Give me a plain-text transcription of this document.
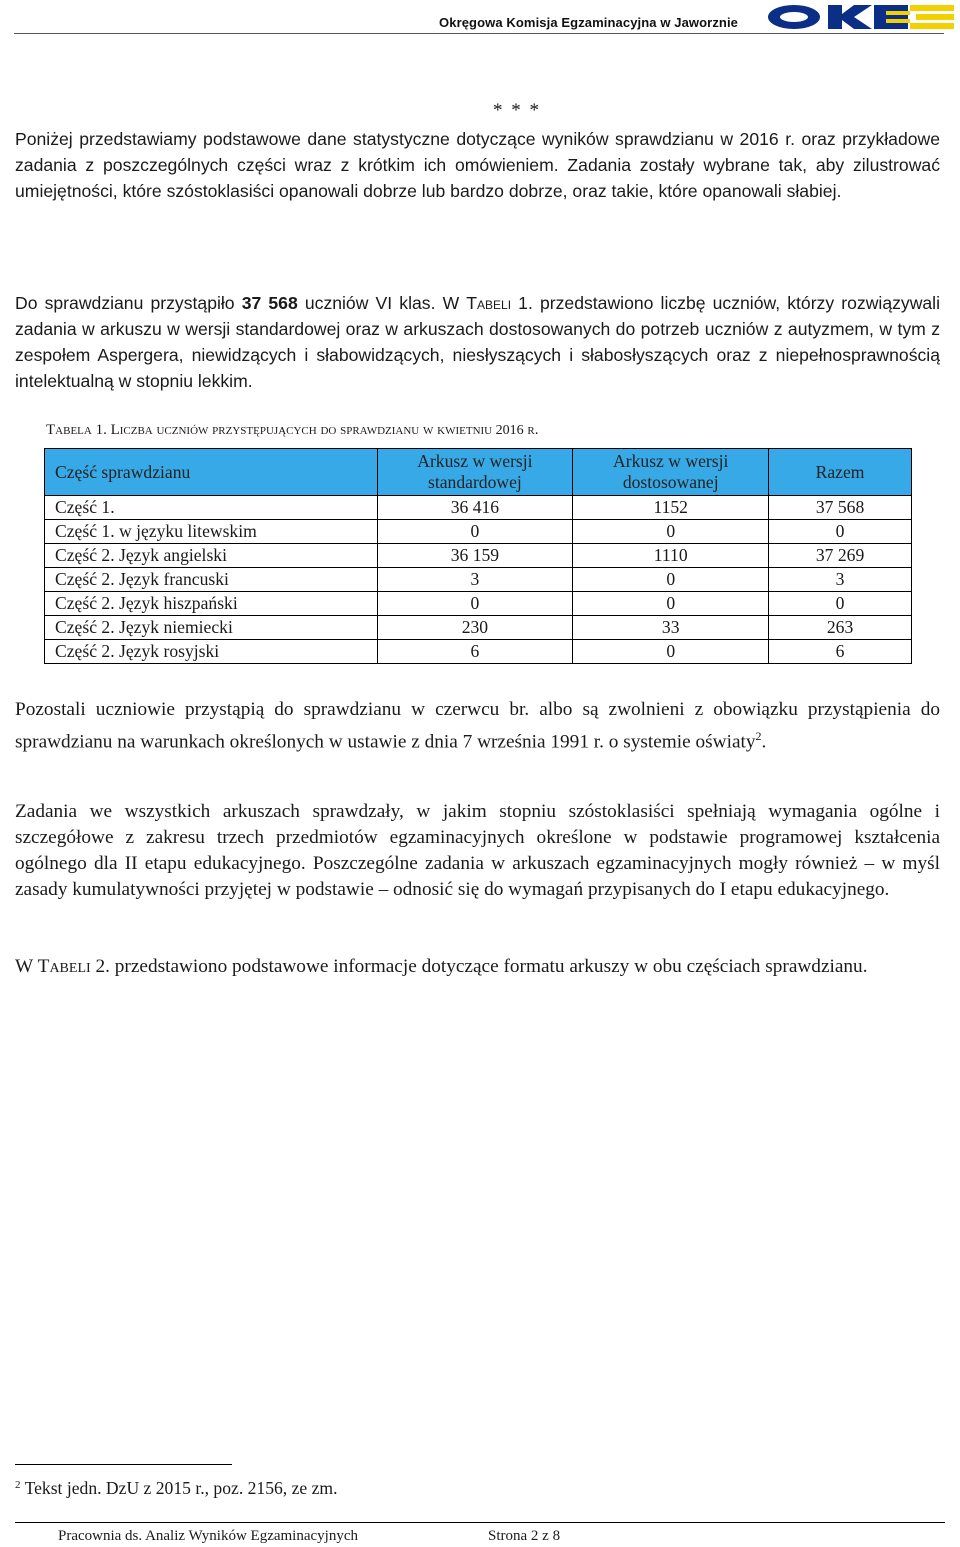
Okręgowa Komisja Egzaminacyjna w Jaworznie
* * *

Poniżej przedstawiamy podstawowe dane statystyczne dotyczące wyników sprawdzianu w 2016 r. oraz przykładowe zadania z poszczególnych części wraz z krótkim ich omówieniem. Zadania zostały wybrane tak, aby zilustrować umiejętności, które szóstoklasiści opanowali dobrze lub bardzo dobrze, oraz takie, które opanowali słabiej.

Do sprawdzianu przystąpiło 37 568 uczniów VI klas. W Tabeli 1. przedstawiono liczbę uczniów, którzy rozwiązywali zadania w arkuszu w wersji standardowej oraz w arkuszach dostosowanych do potrzeb uczniów z autyzmem, w tym z zespołem Aspergera, niewidzących i słabowidzących, niesłyszących i słabosłyszących oraz z niepełnosprawnością intelektualną w stopniu lekkim.

Tabela 1. Liczba uczniów przystępujących do sprawdzianu w kwietniu 2016 r.
Część sprawdzianu	Arkusz w wersji standardowej	Arkusz w wersji dostosowanej	Razem
Część 1.	36 416	1152	37 568
Część 1. w języku litewskim	0	0	0
Część 2. Język angielski	36 159	1110	37 269
Część 2. Język francuski	3	0	3
Część 2. Język hiszpański	0	0	0
Część 2. Język niemiecki	230	33	263
Część 2. Język rosyjski	6	0	6

Pozostali uczniowie przystąpią do sprawdzianu w czerwcu br. albo są zwolnieni z obowiązku przystąpienia do sprawdzianu na warunkach określonych w ustawie z dnia 7 września 1991 r. o systemie oświaty$^2$.

Zadania we wszystkich arkuszach sprawdzały, w jakim stopniu szóstoklasiści spełniają wymagania ogólne i szczegółowe z zakresu trzech przedmiotów egzaminacyjnych określone w podstawie programowej kształcenia ogólnego dla II etapu edukacyjnego. Poszczególne zadania w arkuszach egzaminacyjnych mogły również – w myśl zasady kumulatywności przyjętej w podstawie – odnosić się do wymagań przypisanych do I etapu edukacyjnego.

W Tabeli 2. przedstawiono podstawowe informacje dotyczące formatu arkuszy w obu częściach sprawdzianu.

$^2$ Tekst jedn. DzU z 2015 r., poz. 2156, ze zm.
Pracownia ds. Analiz Wyników Egzaminacyjnych	Strona 2 z 8
